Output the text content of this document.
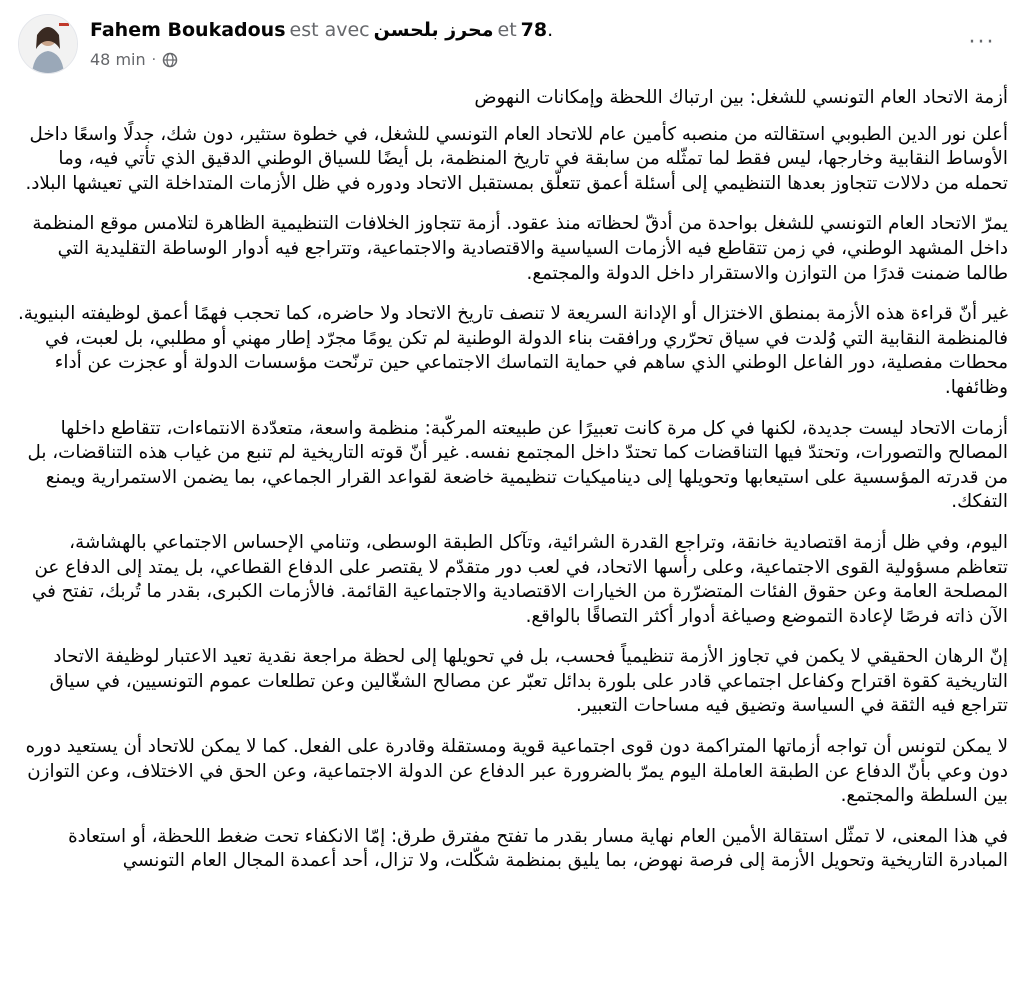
Fahem Boukadous est avec محرز بلحسن et 78.
48 min ·
···

أزمة الاتحاد العام التونسي للشغل: بين ارتباك اللحظة وإمكانات النهوض

أعلن نور الدين الطبوبي استقالته من منصبه كأمين عام للاتحاد العام التونسي للشغل، في خطوة ستثير، دون شك، جدلًا واسعًا داخل الأوساط النقابية وخارجها، ليس فقط لما تمثّله من سابقة في تاريخ المنظمة، بل أيضًا للسياق الوطني الدقيق الذي تأتي فيه، وما تحمله من دلالات تتجاوز بعدها التنظيمي إلى أسئلة أعمق تتعلّق بمستقبل الاتحاد ودوره في ظل الأزمات المتداخلة التي تعيشها البلاد.

يمرّ الاتحاد العام التونسي للشغل بواحدة من أدقّ لحظاته منذ عقود. أزمة تتجاوز الخلافات التنظيمية الظاهرة لتلامس موقع المنظمة داخل المشهد الوطني، في زمن تتقاطع فيه الأزمات السياسية والاقتصادية والاجتماعية، وتتراجع فيه أدوار الوساطة التقليدية التي طالما ضمنت قدرًا من التوازن والاستقرار داخل الدولة والمجتمع.

غير أنّ قراءة هذه الأزمة بمنطق الاختزال أو الإدانة السريعة لا تنصف تاريخ الاتحاد ولا حاضره، كما تحجب فهمًا أعمق لوظيفته البنيوية. فالمنظمة النقابية التي وُلدت في سياق تحرّري ورافقت بناء الدولة الوطنية لم تكن يومًا مجرّد إطار مهني أو مطلبي، بل لعبت، في محطات مفصلية، دور الفاعل الوطني الذي ساهم في حماية التماسك الاجتماعي حين ترنّحت مؤسسات الدولة أو عجزت عن أداء وظائفها.

أزمات الاتحاد ليست جديدة، لكنها في كل مرة كانت تعبيرًا عن طبيعته المركّبة: منظمة واسعة، متعدّدة الانتماءات، تتقاطع داخلها المصالح والتصورات، وتحتدّ فيها التناقضات كما تحتدّ داخل المجتمع نفسه. غير أنّ قوته التاريخية لم تنبع من غياب هذه التناقضات، بل من قدرته المؤسسية على استيعابها وتحويلها إلى ديناميكيات تنظيمية خاضعة لقواعد القرار الجماعي، بما يضمن الاستمرارية ويمنع التفكك.

اليوم، وفي ظل أزمة اقتصادية خانقة، وتراجع القدرة الشرائية، وتآكل الطبقة الوسطى، وتنامي الإحساس الاجتماعي بالهشاشة، تتعاظم مسؤولية القوى الاجتماعية، وعلى رأسها الاتحاد، في لعب دور متقدّم لا يقتصر على الدفاع القطاعي، بل يمتد إلى الدفاع عن المصلحة العامة وعن حقوق الفئات المتضرّرة من الخيارات الاقتصادية والاجتماعية القائمة. فالأزمات الكبرى، بقدر ما تُربك، تفتح في الآن ذاته فرصًا لإعادة التموضع وصياغة أدوار أكثر التصاقًا بالواقع.

إنّ الرهان الحقيقي لا يكمن في تجاوز الأزمة تنظيمياً فحسب، بل في تحويلها إلى لحظة مراجعة نقدية تعيد الاعتبار لوظيفة الاتحاد التاريخية كقوة اقتراح وكفاعل اجتماعي قادر على بلورة بدائل تعبّر عن مصالح الشغّالين وعن تطلعات عموم التونسيين، في سياق تتراجع فيه الثقة في السياسة وتضيق فيه مساحات التعبير.

لا يمكن لتونس أن تواجه أزماتها المتراكمة دون قوى اجتماعية قوية ومستقلة وقادرة على الفعل. كما لا يمكن للاتحاد أن يستعيد دوره دون وعي بأنّ الدفاع عن الطبقة العاملة اليوم يمرّ بالضرورة عبر الدفاع عن الدولة الاجتماعية، وعن الحق في الاختلاف، وعن التوازن بين السلطة والمجتمع.

في هذا المعنى، لا تمثّل استقالة الأمين العام نهاية مسار بقدر ما تفتح مفترق طرق: إمّا الانكفاء تحت ضغط اللحظة، أو استعادة المبادرة التاريخية وتحويل الأزمة إلى فرصة نهوض، بما يليق بمنظمة شكّلت، ولا تزال، أحد أعمدة المجال العام التونسي
